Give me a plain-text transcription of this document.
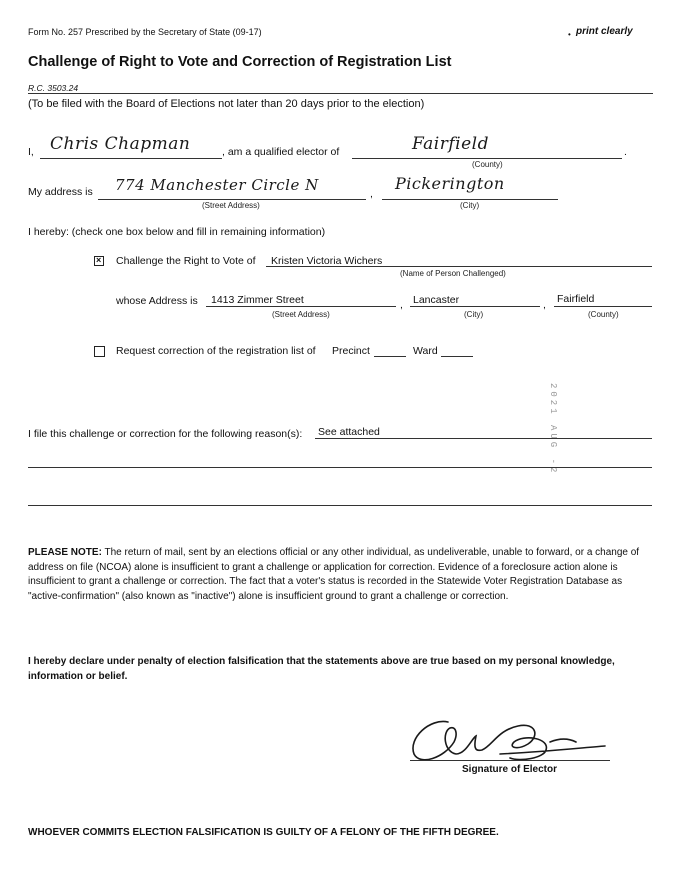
Form No. 257 Prescribed by the Secretary of State (09-17)	print clearly
•
Challenge of Right to Vote and Correction of Registration List
R.C. 3503.24
(To be filed with the Board of Elections not later than 20 days prior to the election)
I, Chris Chapman	, am a qualified elector of	Fairfield	.
(County)
My address is 774 Manchester Circle N	,
Pickerington
(Street Address)	(City)
I hereby: (check one box below and fill in remaining information)
× Challenge the Right to Vote of Kristen Victoria Wichers
(Name of Person Challenged)
whose Address is 1413 Zimmer Street	, Lancaster	, Fairfield
(Street Address)	(City)	(County)
Request correction of the registration list of Precinct	Ward
2021 AUG -2
I file this challenge or correction for the following reason(s): See attached
PLEASE NOTE: The return of mail, sent by an elections official or any other individual, as undeliverable, unable to forward, or a change of address on file (NCOA) alone is insufficient to grant a challenge or application for correction. Evidence of a foreclosure action alone is insufficient to grant a challenge or correction. The fact that a voter's status is recorded in the Statewide Voter Registration Database as "active-confirmation" (also known as "inactive") alone is insufficient ground to grant a challenge or correction.
I hereby declare under penalty of election falsification that the statements above are true based on my personal knowledge, information or belief.
Signature of Elector
WHOEVER COMMITS ELECTION FALSIFICATION IS GUILTY OF A FELONY OF THE FIFTH DEGREE.
